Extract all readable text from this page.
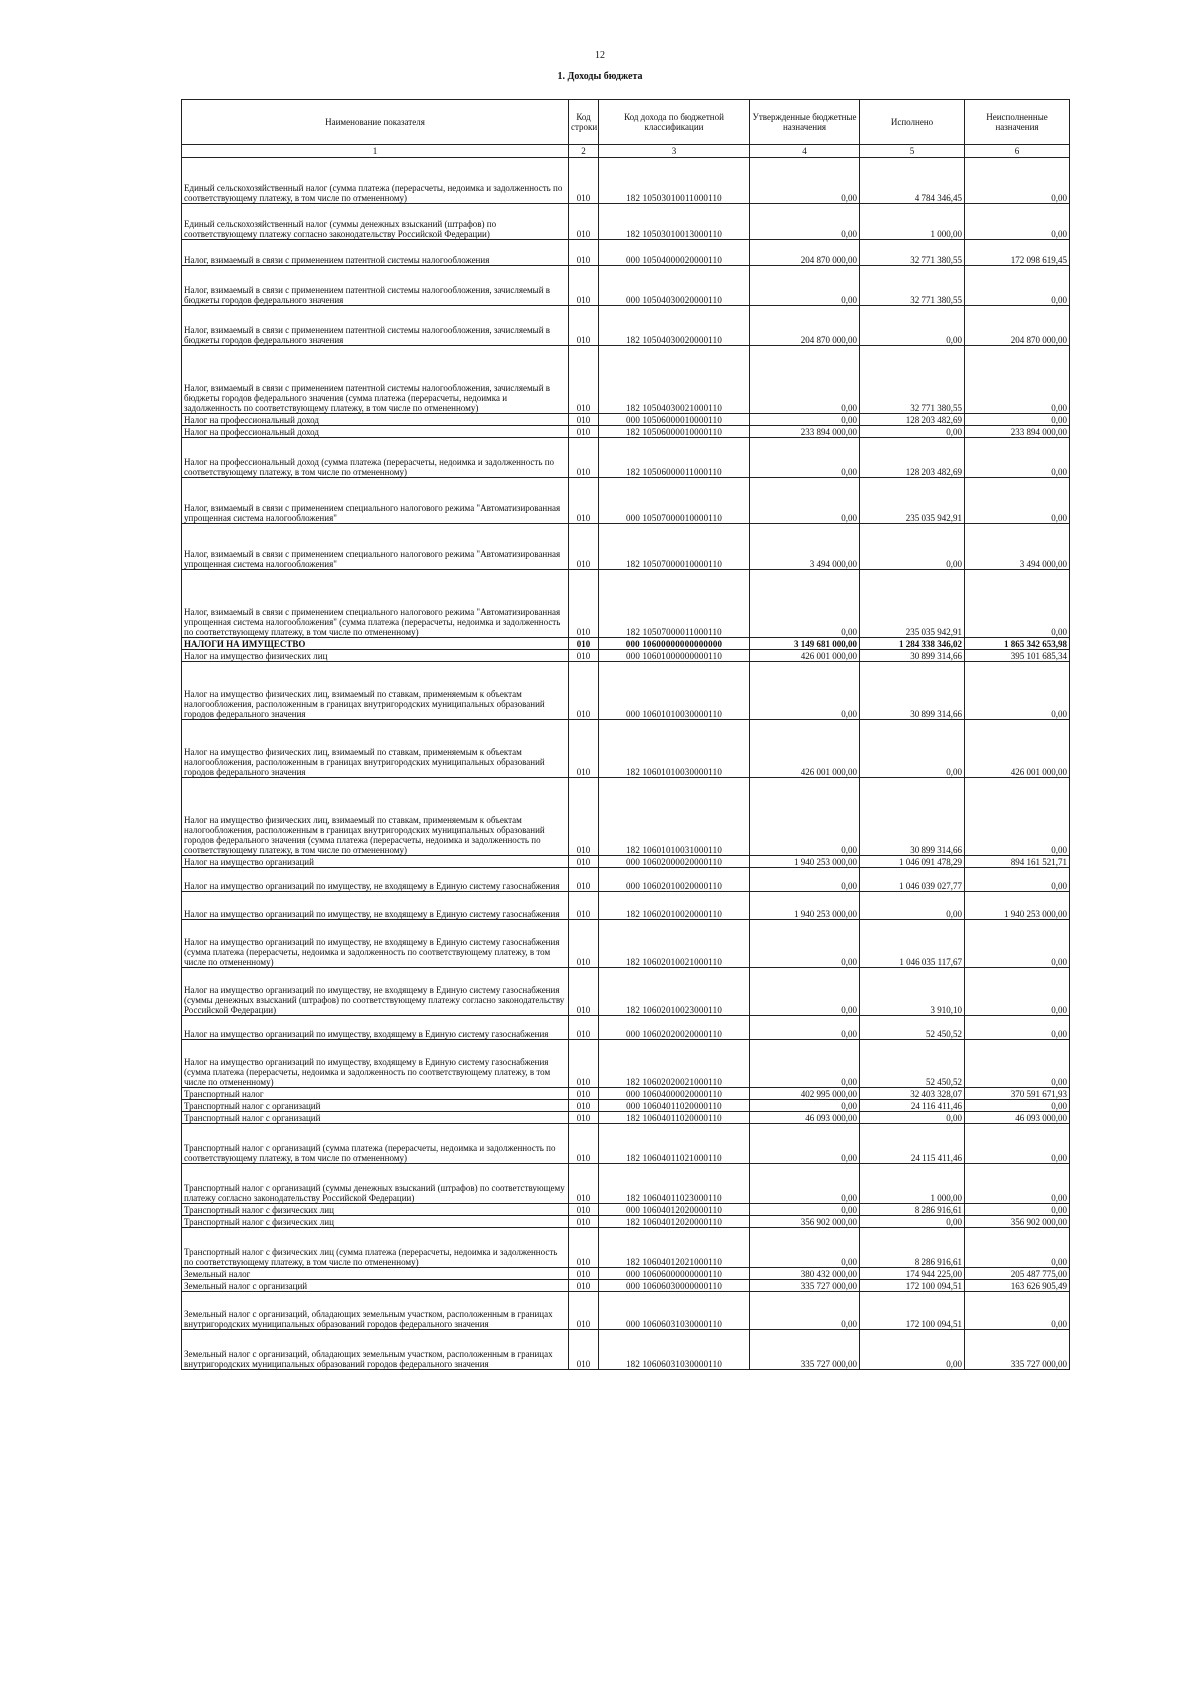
12
1. Доходы бюджета
Наименование показателя	Код строки	Код дохода по бюджетной классификации	Утвержденные бюджетные назначения	Исполнено	Неисполненные назначения
1	2	3	4	5	6
Единый сельскохозяйственный налог (сумма платежа (перерасчеты, недоимка и задолженность по соответствующему платежу, в том числе по отмененному)	010	182 10503010011000110	0,00	4 784 346,45	0,00
Единый сельскохозяйственный налог (суммы денежных взысканий (штрафов) по соответствующему платежу согласно законодательству Российской Федерации)	010	182 10503010013000110	0,00	1 000,00	0,00
Налог, взимаемый в связи с применением патентной системы налогообложения	010	000 10504000020000110	204 870 000,00	32 771 380,55	172 098 619,45
Налог, взимаемый в связи с применением патентной системы налогообложения, зачисляемый в бюджеты городов федерального значения	010	000 10504030020000110	0,00	32 771 380,55	0,00
Налог, взимаемый в связи с применением патентной системы налогообложения, зачисляемый в бюджеты городов федерального значения	010	182 10504030020000110	204 870 000,00	0,00	204 870 000,00
Налог, взимаемый в связи с применением патентной системы налогообложения, зачисляемый в бюджеты городов федерального значения (сумма платежа (перерасчеты, недоимка и задолженность по соответствующему платежу, в том числе по отмененному)	010	182 10504030021000110	0,00	32 771 380,55	0,00
Налог на профессиональный доход	010	000 10506000010000110	0,00	128 203 482,69	0,00
Налог на профессиональный доход	010	182 10506000010000110	233 894 000,00	0,00	233 894 000,00
Налог на профессиональный доход (сумма платежа (перерасчеты, недоимка и задолженность по соответствующему платежу, в том числе по отмененному)	010	182 10506000011000110	0,00	128 203 482,69	0,00
Налог, взимаемый в связи с применением специального налогового режима "Автоматизированная упрощенная система налогообложения"	010	000 10507000010000110	0,00	235 035 942,91	0,00
Налог, взимаемый в связи с применением специального налогового режима "Автоматизированная упрощенная система налогообложения"	010	182 10507000010000110	3 494 000,00	0,00	3 494 000,00
Налог, взимаемый в связи с применением специального налогового режима "Автоматизированная упрощенная система налогообложения" (сумма платежа (перерасчеты, недоимка и задолженность по соответствующему платежу, в том числе по отмененному)	010	182 10507000011000110	0,00	235 035 942,91	0,00
НАЛОГИ НА ИМУЩЕСТВО	010	000 10600000000000000	3 149 681 000,00	1 284 338 346,02	1 865 342 653,98
Налог на имущество физических лиц	010	000 10601000000000110	426 001 000,00	30 899 314,66	395 101 685,34
Налог на имущество физических лиц, взимаемый по ставкам, применяемым к объектам налогообложения, расположенным в границах внутригородских муниципальных образований городов федерального значения	010	000 10601010030000110	0,00	30 899 314,66	0,00
Налог на имущество физических лиц, взимаемый по ставкам, применяемым к объектам налогообложения, расположенным в границах внутригородских муниципальных образований городов федерального значения	010	182 10601010030000110	426 001 000,00	0,00	426 001 000,00
Налог на имущество физических лиц, взимаемый по ставкам, применяемым к объектам налогообложения, расположенным в границах внутригородских муниципальных образований городов федерального значения (сумма платежа (перерасчеты, недоимка и задолженность по соответствующему платежу, в том числе по отмененному)	010	182 10601010031000110	0,00	30 899 314,66	0,00
Налог на имущество организаций	010	000 10602000020000110	1 940 253 000,00	1 046 091 478,29	894 161 521,71
Налог на имущество организаций по имуществу, не входящему в Единую систему газоснабжения	010	000 10602010020000110	0,00	1 046 039 027,77	0,00
Налог на имущество организаций по имуществу, не входящему в Единую систему газоснабжения	010	182 10602010020000110	1 940 253 000,00	0,00	1 940 253 000,00
Налог на имущество организаций по имуществу, не входящему в Единую систему газоснабжения (сумма платежа (перерасчеты, недоимка и задолженность по соответствующему платежу, в том числе по отмененному)	010	182 10602010021000110	0,00	1 046 035 117,67	0,00
Налог на имущество организаций по имуществу, не входящему в Единую систему газоснабжения (суммы денежных взысканий (штрафов) по соответствующему платежу согласно законодательству Российской Федерации)	010	182 10602010023000110	0,00	3 910,10	0,00
Налог на имущество организаций по имуществу, входящему в Единую систему газоснабжения	010	000 10602020020000110	0,00	52 450,52	0,00
Налог на имущество организаций по имуществу, входящему в Единую систему газоснабжения (сумма платежа (перерасчеты, недоимка и задолженность по соответствующему платежу, в том числе по отмененному)	010	182 10602020021000110	0,00	52 450,52	0,00
Транспортный налог	010	000 10604000020000110	402 995 000,00	32 403 328,07	370 591 671,93
Транспортный налог с организаций	010	000 10604011020000110	0,00	24 116 411,46	0,00
Транспортный налог с организаций	010	182 10604011020000110	46 093 000,00	0,00	46 093 000,00
Транспортный налог с организаций (сумма платежа (перерасчеты, недоимка и задолженность по соответствующему платежу, в том числе по отмененному)	010	182 10604011021000110	0,00	24 115 411,46	0,00
Транспортный налог с организаций (суммы денежных взысканий (штрафов) по соответствующему платежу согласно законодательству Российской Федерации)	010	182 10604011023000110	0,00	1 000,00	0,00
Транспортный налог с физических лиц	010	000 10604012020000110	0,00	8 286 916,61	0,00
Транспортный налог с физических лиц	010	182 10604012020000110	356 902 000,00	0,00	356 902 000,00
Транспортный налог с физических лиц (сумма платежа (перерасчеты, недоимка и задолженность по соответствующему платежу, в том числе по отмененному)	010	182 10604012021000110	0,00	8 286 916,61	0,00
Земельный налог	010	000 10606000000000110	380 432 000,00	174 944 225,00	205 487 775,00
Земельный налог с организаций	010	000 10606030000000110	335 727 000,00	172 100 094,51	163 626 905,49
Земельный налог с организаций, обладающих земельным участком, расположенным в границах внутригородских муниципальных образований городов федерального значения	010	000 10606031030000110	0,00	172 100 094,51	0,00
Земельный налог с организаций, обладающих земельным участком, расположенным в границах внутригородских муниципальных образований городов федерального значения	010	182 10606031030000110	335 727 000,00	0,00	335 727 000,00
